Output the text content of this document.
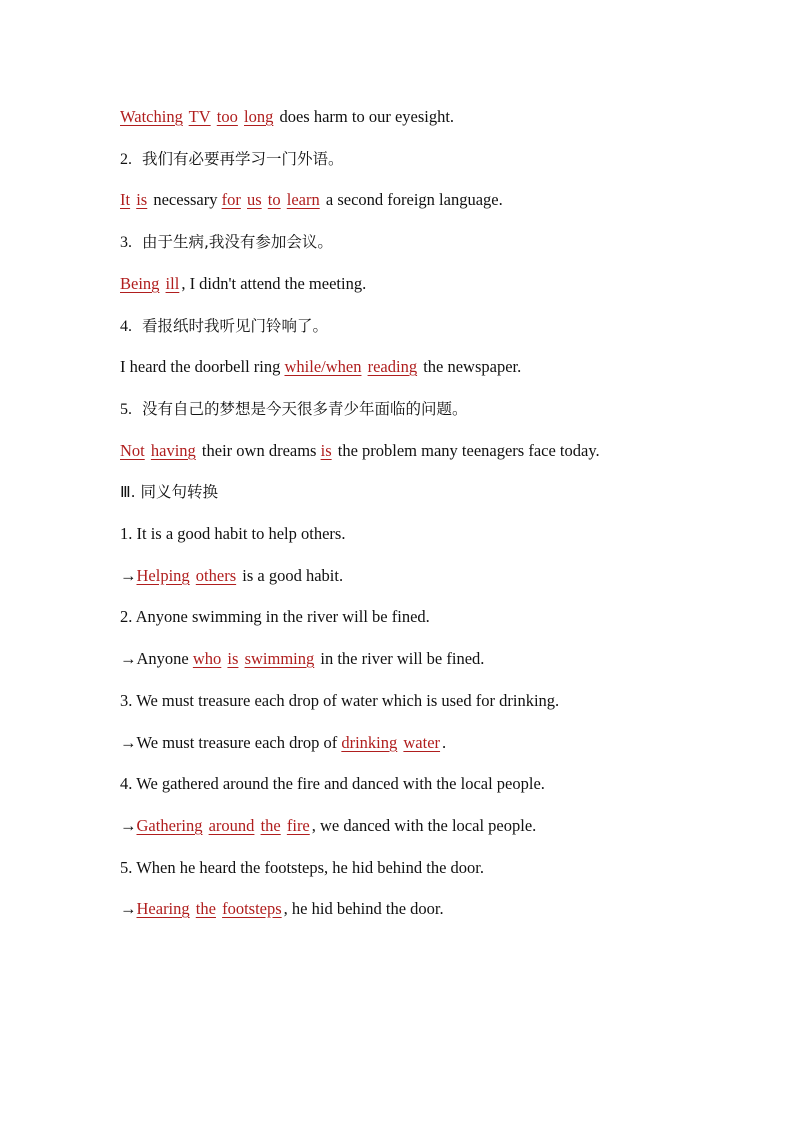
Watching TV too long does harm to our eyesight.
2. 我们有必要再学习一门外语。
It is necessary for us to learn a second foreign language.
3. 由于生病,我没有参加会议。
Being ill , I didn't attend the meeting.
4. 看报纸时我听见门铃响了。
I heard the doorbell ring while/when reading the newspaper.
5. 没有自己的梦想是今天很多青少年面临的问题。
Not having their own dreams is the problem many teenagers face today.
Ⅲ. 同义句转换
1. It is a good habit to help others.
→Helping others is a good habit.
2. Anyone swimming in the river will be fined.
→Anyone who is swimming in the river will be fined.
3. We must treasure each drop of water which is used for drinking.
→We must treasure each drop of drinking water .
4. We gathered around the fire and danced with the local people.
→Gathering around the fire , we danced with the local people.
5. When he heard the footsteps, he hid behind the door.
→Hearing the footsteps , he hid behind the door.
